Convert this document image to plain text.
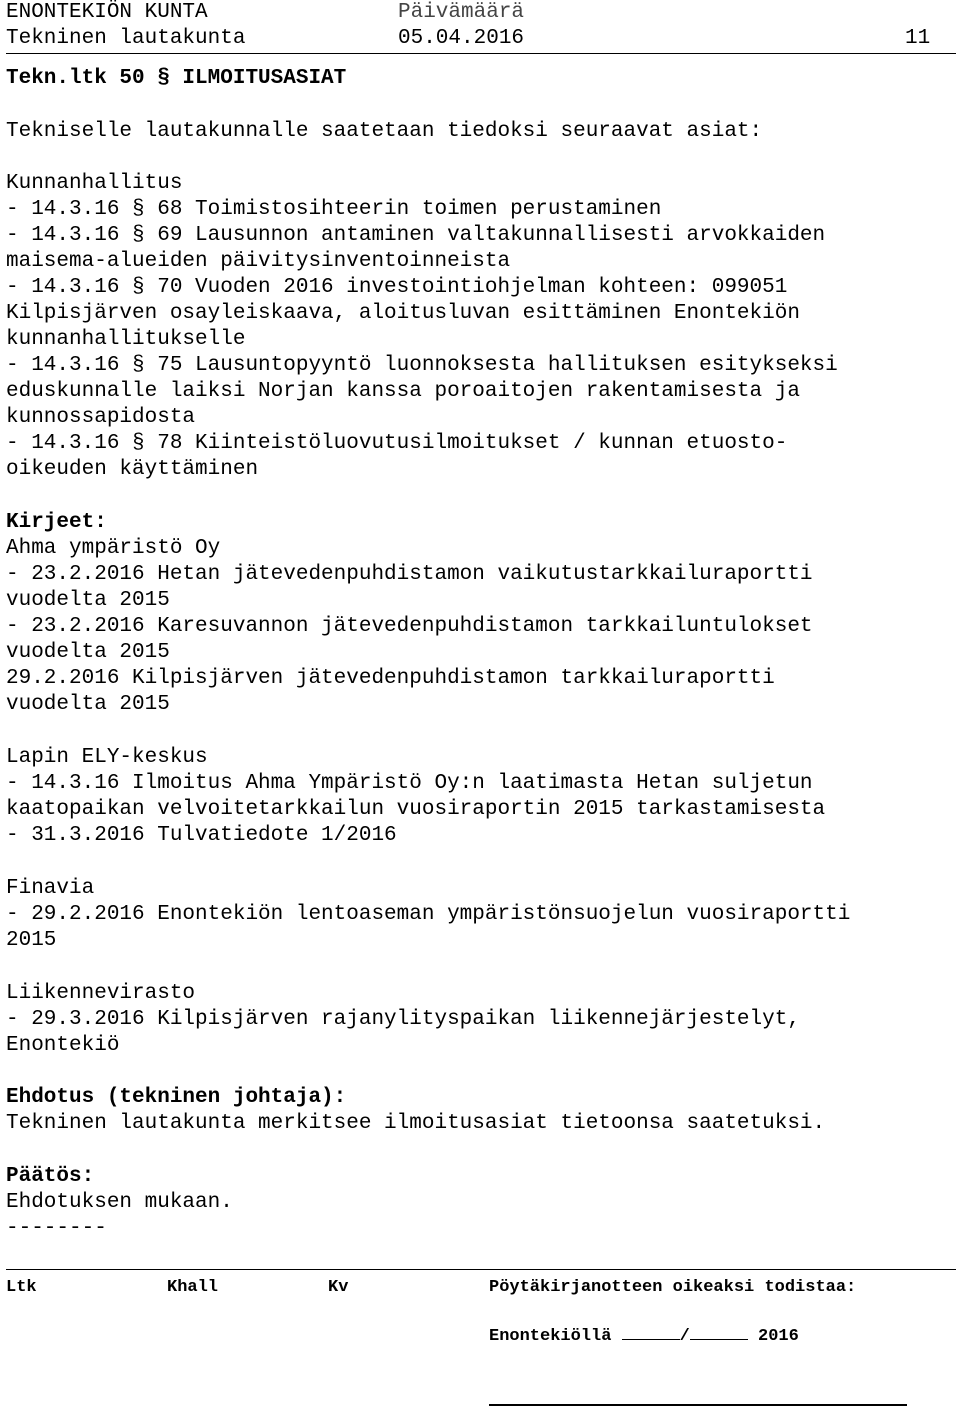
ENONTEKIÖN KUNTA	Päivämäärä
Tekninen lautakunta	05.04.2016	11
Tekn.ltk 50 § ILMOITUSASIAT
Tekniselle lautakunnalle saatetaan tiedoksi seuraavat asiat:
Kunnanhallitus
- 14.3.16 § 68 Toimistosihteerin toimen perustaminen
- 14.3.16 § 69 Lausunnon antaminen valtakunnallisesti arvokkaiden
maisema-alueiden päivitysinventoinneista
- 14.3.16 § 70 Vuoden 2016 investointiohjelman kohteen: 099051
Kilpisjärven osayleiskaava, aloitusluvan esittäminen Enontekiön
kunnanhallitukselle
- 14.3.16 § 75 Lausuntopyyntö luonnoksesta hallituksen esitykseksi
eduskunnalle laiksi Norjan kanssa poroaitojen rakentamisesta ja
kunnossapidosta
- 14.3.16 § 78 Kiinteistöluovutusilmoitukset / kunnan etuosto-
oikeuden käyttäminen
Kirjeet:
Ahma ympäristö Oy
- 23.2.2016 Hetan jätevedenpuhdistamon vaikutustarkkailuraportti
vuodelta 2015
- 23.2.2016 Karesuvannon jätevedenpuhdistamon tarkkailuntulokset
vuodelta 2015
29.2.2016 Kilpisjärven jätevedenpuhdistamon tarkkailuraportti
vuodelta 2015
Lapin ELY-keskus
- 14.3.16 Ilmoitus Ahma Ympäristö Oy:n laatimasta Hetan suljetun
kaatopaikan velvoitetarkkailun vuosiraportin 2015 tarkastamisesta
- 31.3.2016 Tulvatiedote 1/2016
Finavia
- 29.2.2016 Enontekiön lentoaseman ympäristönsuojelun vuosiraportti
2015
Liikennevirasto
- 29.3.2016 Kilpisjärven rajanylityspaikan liikennejärjestelyt,
Enontekiö
Ehdotus (tekninen johtaja):
Tekninen lautakunta merkitsee ilmoitusasiat tietoonsa saatetuksi.
Päätös:
Ehdotuksen mukaan.
--------
Ltk	Khall	Kv	Pöytäkirjanotteen oikeaksi todistaa:
Enontekiöllä	/	2016
